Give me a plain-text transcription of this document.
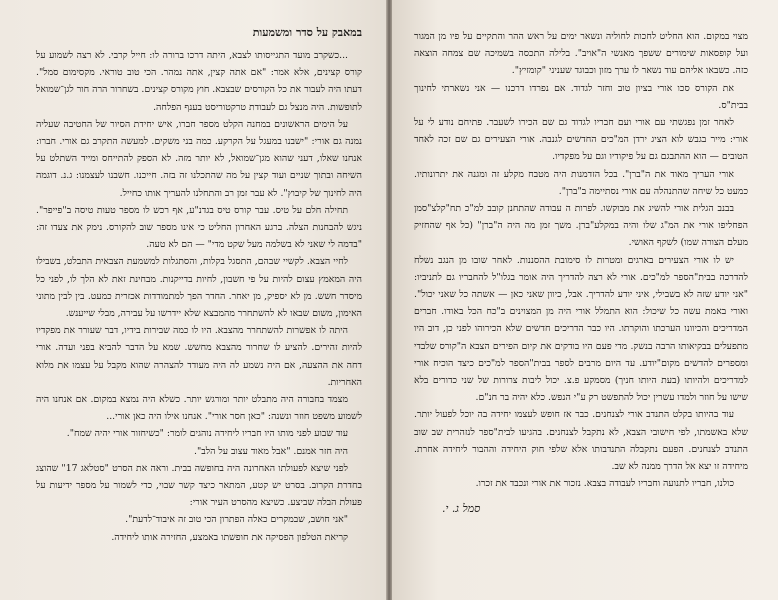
במאבק על סדר ומשמעות

...כשקרב מועד התגייסותו לצבא, היתה דרכו ברורה לו: חייל קרבי. לא רצה לשמוע על קורס קצינים, אלא אמר: "אם אתה קצין, אתה נמהר. הכי טוב טוראי. מקסימום סמל". דעתו היה לעבור את כל הקורסים שבצבא. חוץ מקורס קצינים. בשחרור הרה חור לגן־שמואל לתופשות. היה מנצל גם לעבודת טרקטוריסט בענף הפלחה.

על הימים הראשונים במחנה הקלט מספר חברו, איש יחידת הסיור של החטיבה שעליה נמנה גם אורי: "ישבנו במעגל על הקרקע. כמה בני משקים. למעשה התקרב גם אורי. חברו: אנחנו שאלו, דעני שהוא מגן־שמואל, לא יותר מזה. לא הספק להתייחס ומייד השתלט על השיחה ובתוך שניים ועוד קצין על מה שהתכלנו זה בזה. חייכנו. חשבנו לעצמנו: ג.נ. דוגמה היה לחינוך של קיבוץ". לא עבר זמן רב והתחלנו להעריך אותו כחייל.

תחילה חלם על טיס. עבר קורס טיס בגדנ"ע, אף רכש לו מספר טעות טיסה ב"פייפר". ניגש להבחנות הצלה. ברגע האחרון החליט כי אינו מספר שוב להקורס. נימק את צעדו זה: "בדמה לי שאני לא בשלמה מעל שקט מדי" — הם לא טעה.

לחיי הצבא. לקשיי שבהם, התסגל בקלות, והסתגלות למשמעת הצבאית התבלט, בשבילו היה המאמץ עצום להיות על פי חשבון, לחיות בדייקנות. מבחינת זאת לא הלך לו, לפני כל מיסדר חשש. מן לא יספיק, מן יאחר. החדר הפך למתמודדות אכזרית כמעט. בין לבין מתוני האימון, משום שבאו לא להשתחרר מהמבצא שלא יידרשו על עבירה, מבלי שייענש.

היתה לו אפשרות להשתחרר מהצבא. היו לו כמה שבירות בידיו, דבר שעורר את מפקדיו להיות זהירים. להציע לו שחרור מהצבא מחשש. שמא על הדבר להביא בפני ועדה. אורי דחה את ההצעה, אם היה נשמע לה היה מעודד להצהרה שהוא מקבל על עצמו את מלוא האחריות.

מצמד בחבורה היה מתבלט יותר ומורגש יותר. כשלא היה נמצא במקום. אם אנחנו היה לשמוע משפט חוזר ונשנה: "כאן חסר אורי". אנחנו אילו היה כאן אורי...

עוד שבוע לפני מותו היו חבריו ליחידה נוהגים לומר: "כשיחזור אורי יהיה שמח".

היה חזר אמנם. "אבל מאוד עצוב על הלב".

לפני שיצא לפעולתו האחרונה היה בחופשה בבית. וראה את הסרט "סטלאג 17" שהוצג בחדרת הקרוב. בסרט יש קטע, המתאר כיצד קשר שבוי, כדי לשמור על מספר ידיעות על פעולת הבלה שביצע. כשיצא מהסרט העיר אורי:

"אני חושב, שבמקרים כאלה הפתרון הכי טוב זה איבוד־לדעת".

קריאת הטלפון הפסיקה את חופשתו באמצע, החזירה אותו ליחידה.

מצוי במקום. הוא החליט לחכות לחוליה ונשאר ימים על ראש ההר והתקיים על פיו מן המגור ועל קופסאות שימורים ששפך מאנשי ה"אויב". בלילה התכסה בשמיכה שם צמחה הוצאה כזה. כשבאו אליהם עוד נשאר לו ערך מזון וכבוגד שעניני "קומזיץ".

את הקורס סכו אורי בציון טוב וחזר לגדוד. אם נפרדו דרכנו — אני נשארתי לחינוך בבית"ס.

לאחר זמן נפגשתי עם אורי ועם חבריו לגדוד גם שם הכירו לשעבר. פתיחם נודע לי על אורי: מייר בגבש לוא הציג ירדן המ"כים החדשים לגנבה. אורי הצעירים גם שם זכה לאחד הטובים — הוא ההתבגם גם על פיקודיו וגם על מפקדיו.

אורי העריך מאוד את ה"ברן". בכל הזדמנות היה מטבח מקלע זה ומגנה את יתרונותיו. כמעט כל שיחה שהתנהלה עם אורי נסתיימה ב"ברן".

בבנב הגלית אורי להשיג את מבוקשו. לפרות ה עבודה שהתחנן קובב למ"כ תח"קלצ"סמן הפחליפו אורי את המ"ג שלו והיה במקלע"ברן. משך זמן מה היה ה"ברן" (כל אף שהחזיק מעלם הצורה שמו) לשקף האושי.

יש לו אורי הצעירים בארגים ומטרות לו סימובת ההסננות. לאחר שובו מן הנגב נשלח להדרכה בבית"הספר למ"כים. אורי לא רצה להדריך היה אומר בגלו"ל להחבריו גם לתניביו: "אני יודע שזה לא בשבילי, איני יודע להדריך. אבל, כיוון שאני כאן — אשתה כל שאני יכול". ואורי באמת עשה כל שיכול: הוא התמלל אורי היה מן המצוינים ב"כח הכל באודו. חברים המדריכים והכיוונו הערכתו והוקרתו. היו כבר הדריכים חדשים שלא הכירוהו לפני כן, דוב היו מתפעלים בבקיאותו הרבה בנשק. מדי פעם היו בודקים את קיום הפירים הצבא ה"קורס שלבדי ומספרים להדשים מקום"יודע. עד היום מרבים לספר בבית"הספר למ"כים כיצד הוכיח אורי למדריכים ולהיותו (בעת היותו חניך) מסמקע פ.צ. יכול ליבות צרורות של שני כדורים בלא שישו על חוזר ולמדו עשרין יכול להתפשט רק ע"י הנפש. כלא יהיה בר חנ"ם.

עוד בהיותו בקלט התנדב אורי לצנחנים. כבר אז חופש לעצמו יחידה בה יוכל לפעול יותר. שלא באשמתו, לפי חישובי הצבא, לא נתקבל לצנחנים. בהגיעו לבית"ספר לנזהרית שב שוב התנדב לצנחנים. הפעם נתקבלה התנדבותו אלא שלפי חוק היחידה וההבור ליחידה אחרת. מיחידה זו יצא אל הדרך ממנה לא שב.

כולנו, חבריו לתנועה וחבריו לעבודה בצבא. נזכור את אורי ונכבד את זכרו.

סמל ג. י.
